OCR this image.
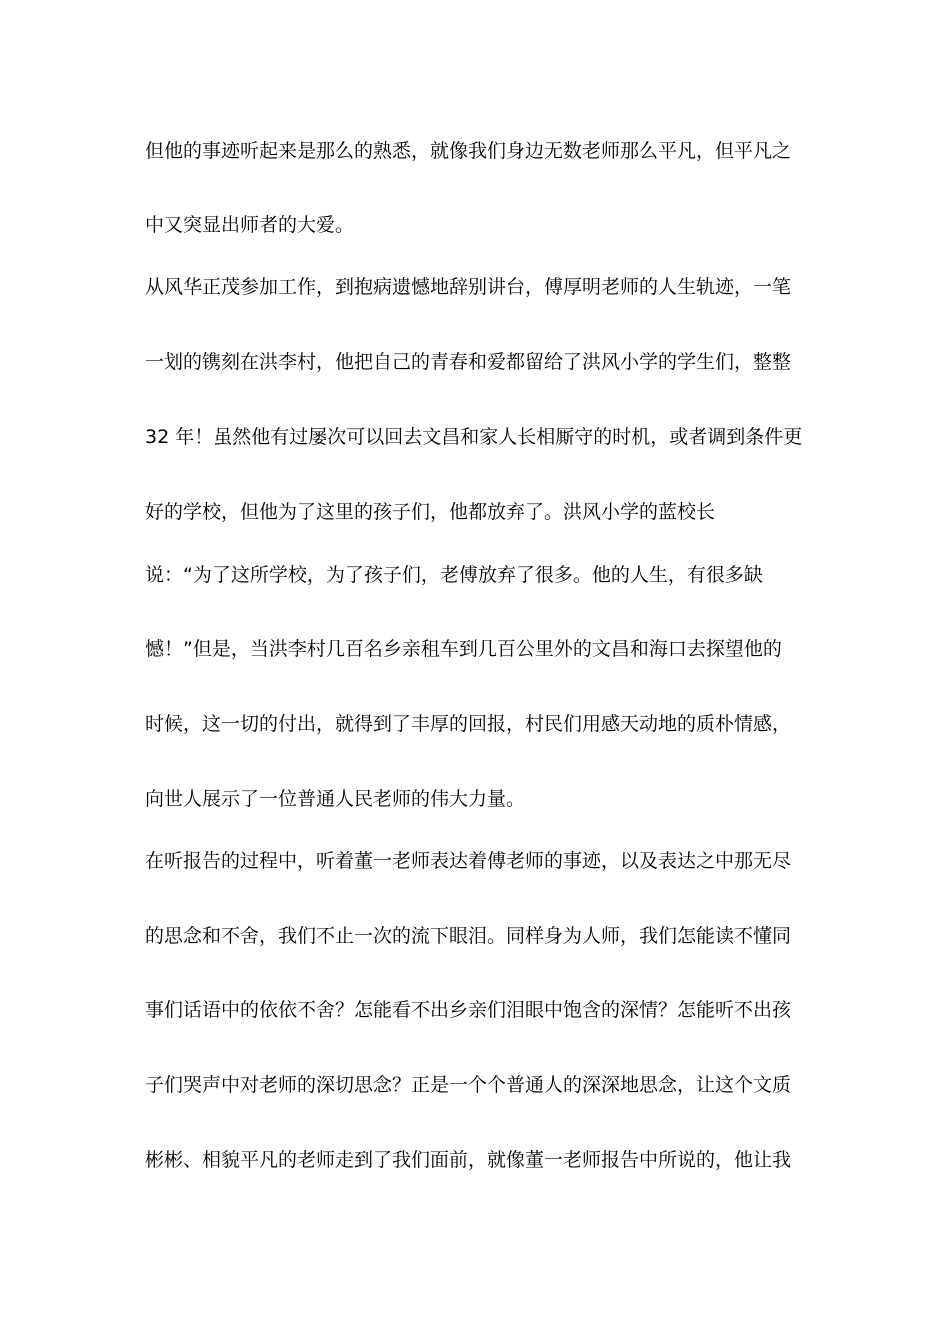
但他的事迹听起来是那么的熟悉，就像我们身边无数老师那么平凡，但平凡之
中又突显出师者的大爱。
从风华正茂参加工作，到抱病遗憾地辞别讲台，傅厚明老师的人生轨迹，一笔
一划的镌刻在洪李村，他把自己的青春和爱都留给了洪风小学的学生们，整整
32 年！虽然他有过屡次可以回去文昌和家人长相厮守的时机，或者调到条件更
好的学校，但他为了这里的孩子们，他都放弃了。洪风小学的蓝校长
说：“为了这所学校，为了孩子们，老傅放弃了很多。他的人生，有很多缺
憾！”但是，当洪李村几百名乡亲租车到几百公里外的文昌和海口去探望他的
时候，这一切的付出，就得到了丰厚的回报，村民们用感天动地的质朴情感，
向世人展示了一位普通人民老师的伟大力量。
在听报告的过程中，听着董一老师表达着傅老师的事迹，以及表达之中那无尽
的思念和不舍，我们不止一次的流下眼泪。同样身为人师，我们怎能读不懂同
事们话语中的依依不舍？怎能看不出乡亲们泪眼中饱含的深情？怎能听不出孩
子们哭声中对老师的深切思念？正是一个个普通人的深深地思念，让这个文质
彬彬、相貌平凡的老师走到了我们面前，就像董一老师报告中所说的，他让我
